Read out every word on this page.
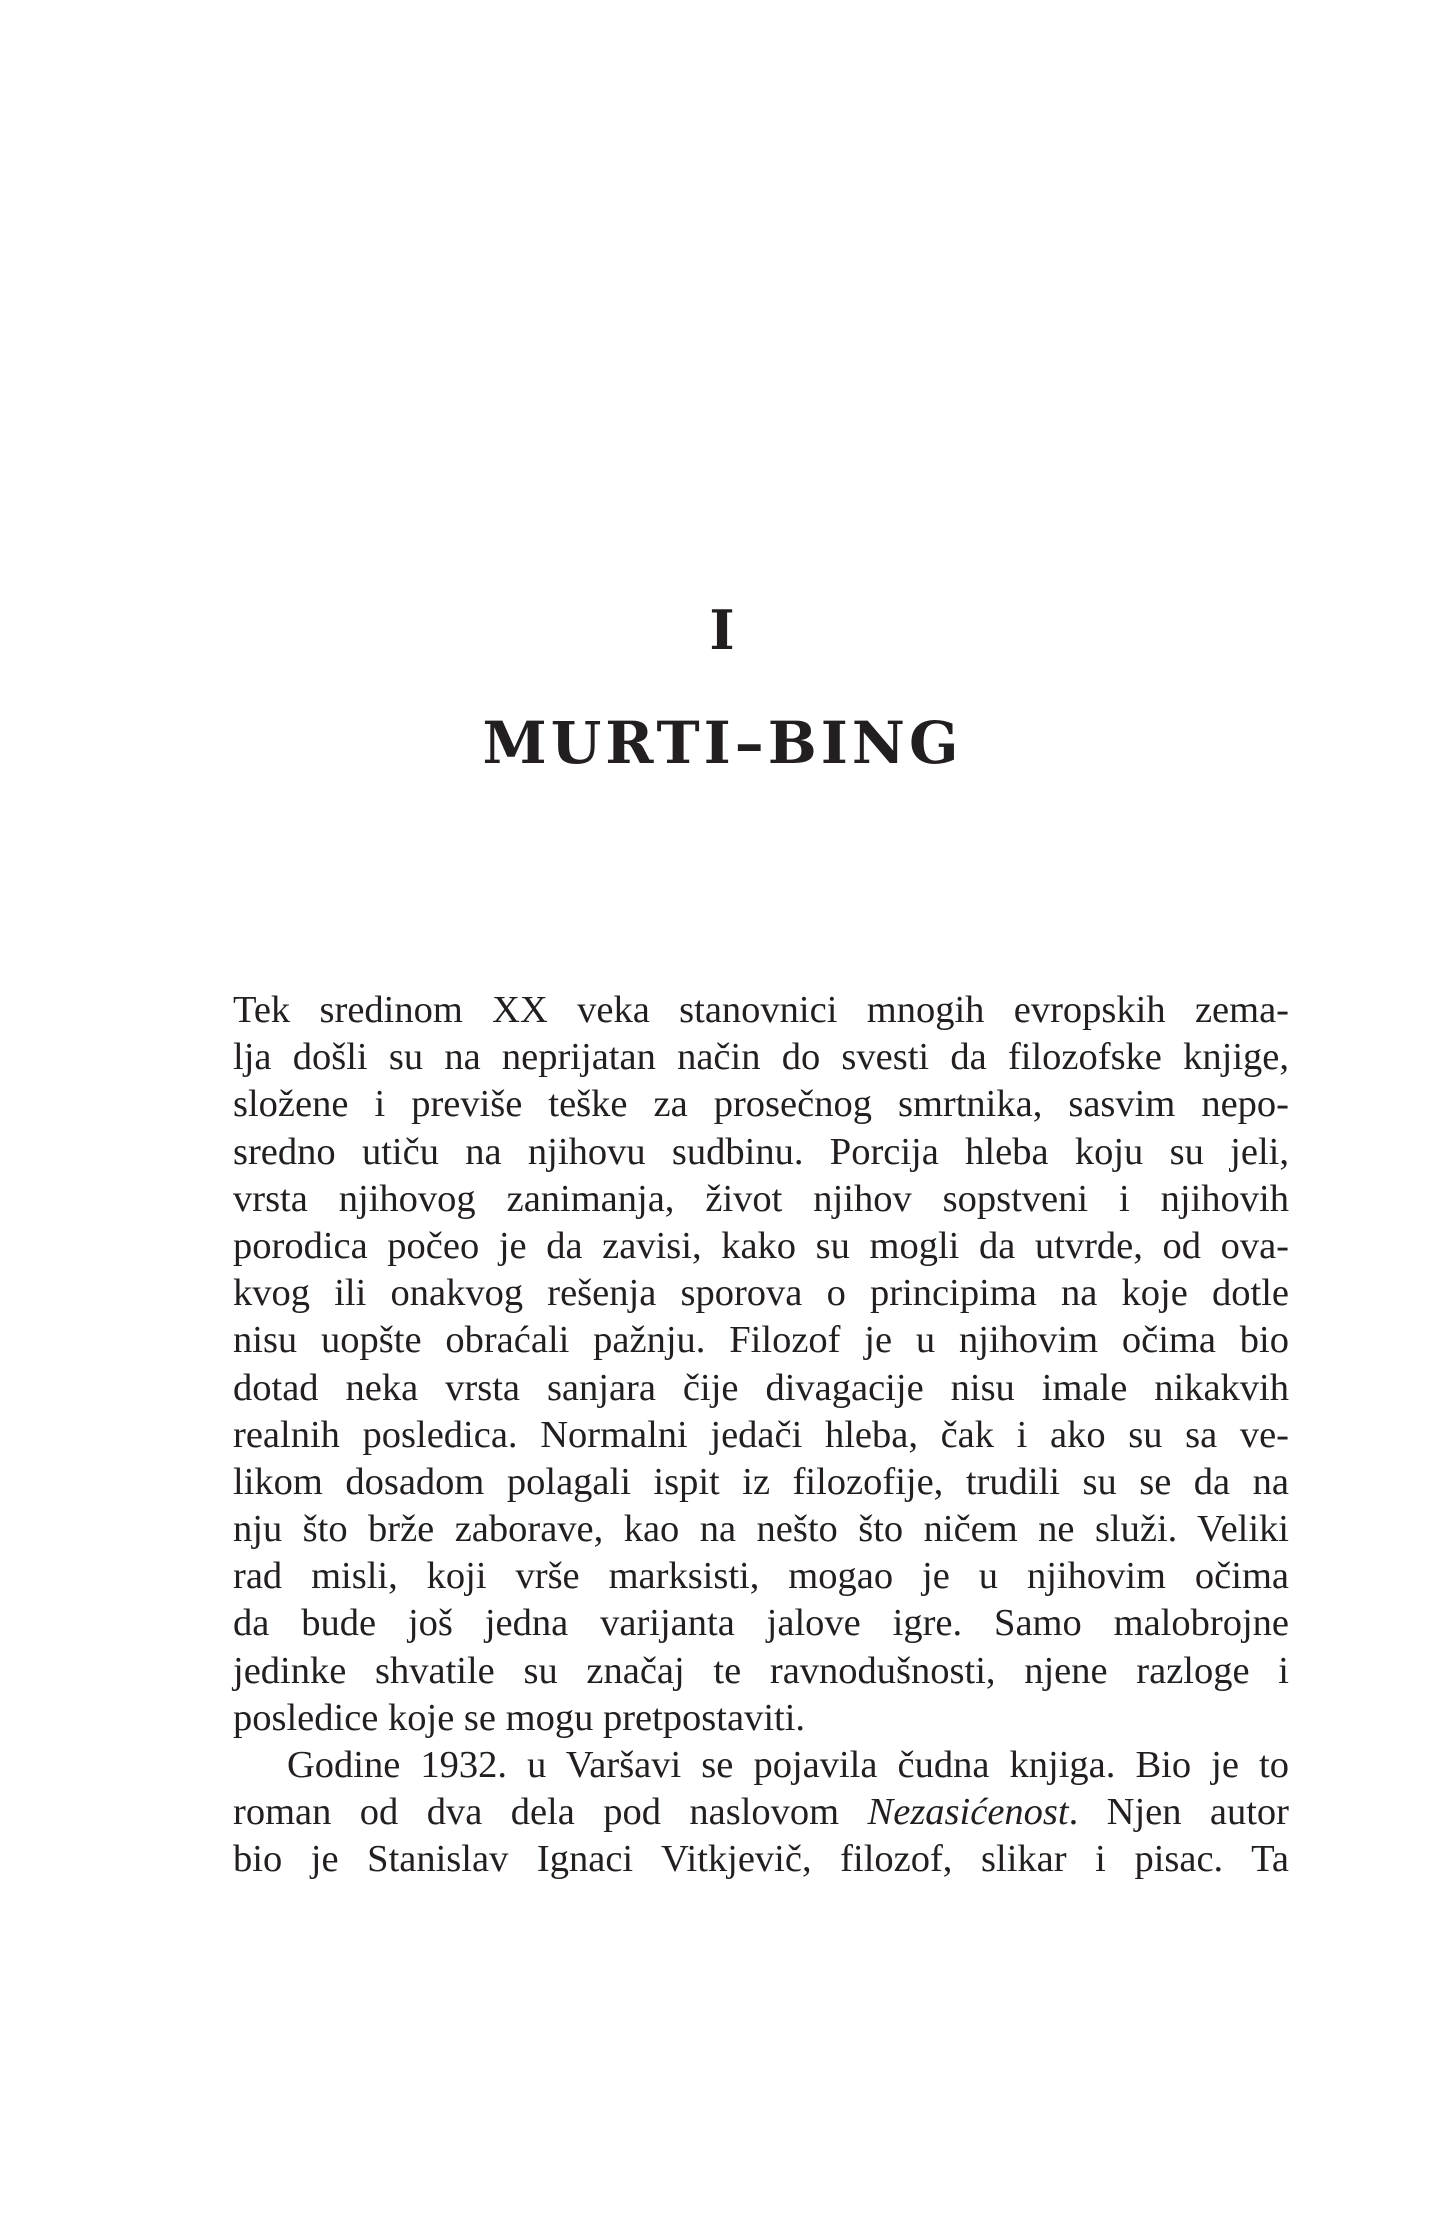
I
MURTI–BING
Tek sredinom XX veka stanovnici mnogih evropskih zema-
lja došli su na neprijatan način do svesti da filozofske knjige,
složene i previše teške za prosečnog smrtnika, sasvim nepo-
sredno utiču na njihovu sudbinu. Porcija hleba koju su jeli,
vrsta njihovog zanimanja, život njihov sopstveni i njihovih
porodica počeo je da zavisi, kako su mogli da utvrde, od ova-
kvog ili onakvog rešenja sporova o principima na koje dotle
nisu uopšte obraćali pažnju. Filozof je u njihovim očima bio
dotad neka vrsta sanjara čije divagacije nisu imale nikakvih
realnih posledica. Normalni jedači hleba, čak i ako su sa ve-
likom dosadom polagali ispit iz filozofije, trudili su se da na
nju što brže zaborave, kao na nešto što ničem ne služi. Veliki
rad misli, koji vrše marksisti, mogao je u njihovim očima
da bude još jedna varijanta jalove igre. Samo malobrojne
jedinke shvatile su značaj te ravnodušnosti, njene razloge i
posledice koje se mogu pretpostaviti.
Godine 1932. u Varšavi se pojavila čudna knjiga. Bio je to
roman od dva dela pod naslovom Nezasićenost. Njen autor
bio je Stanislav Ignaci Vitkjevič, filozof, slikar i pisac. Ta
